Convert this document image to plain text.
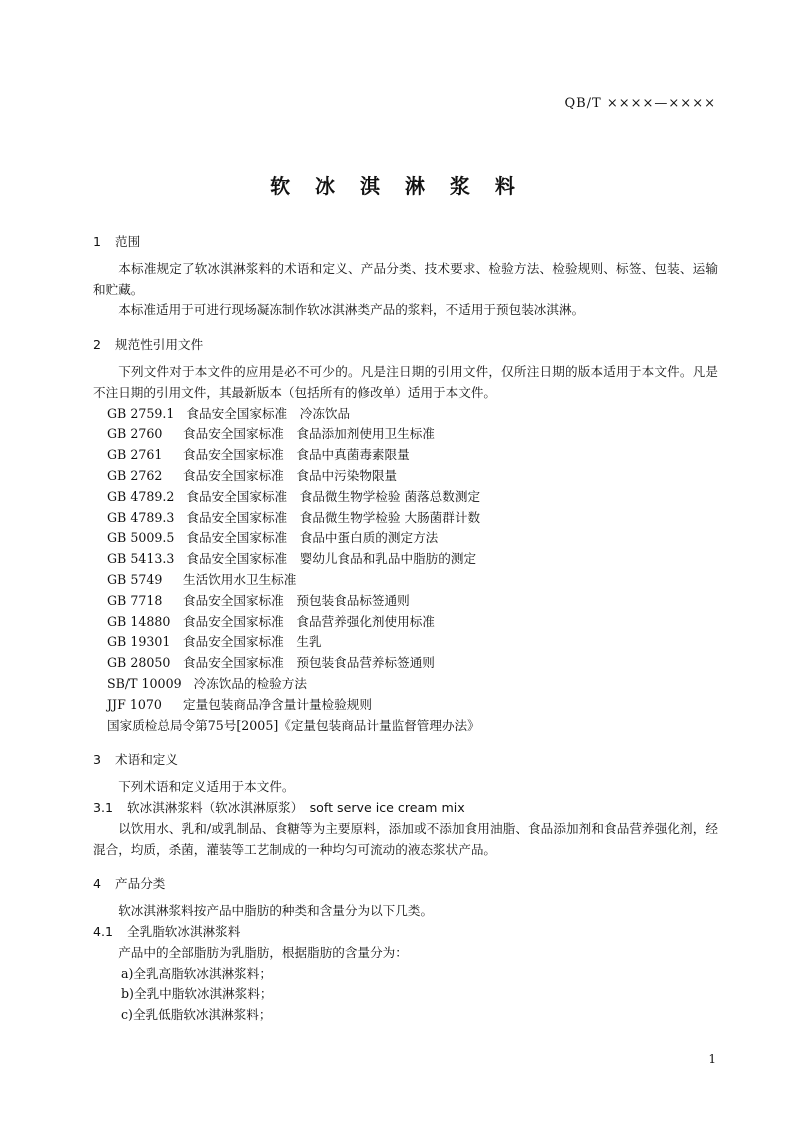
QB/T ××××—××××
软 冰 淇 淋 浆 料
1 范围

本标准规定了软冰淇淋浆料的术语和定义、产品分类、技术要求、检验方法、检验规则、标签、包装、运输和贮藏。

本标准适用于可进行现场凝冻制作软冰淇淋类产品的浆料，不适用于预包装冰淇淋。

2 规范性引用文件

下列文件对于本文件的应用是必不可少的。凡是注日期的引用文件，仅所注日期的版本适用于本文件。凡是不注日期的引用文件，其最新版本（包括所有的修改单）适用于本文件。

GB 2759.1 食品安全国家标准　冷冻饮品

GB 2760 食品安全国家标准　食品添加剂使用卫生标准

GB 2761 食品安全国家标准　食品中真菌毒素限量

GB 2762 食品安全国家标准　食品中污染物限量

GB 4789.2 食品安全国家标准　食品微生物学检验 菌落总数测定

GB 4789.3 食品安全国家标准　食品微生物学检验 大肠菌群计数

GB 5009.5 食品安全国家标准　食品中蛋白质的测定方法

GB 5413.3 食品安全国家标准　婴幼儿食品和乳品中脂肪的测定

GB 5749 生活饮用水卫生标准

GB 7718 食品安全国家标准　预包装食品标签通则

GB 14880 食品安全国家标准　食品营养强化剂使用标准

GB 19301 食品安全国家标准　生乳

GB 28050 食品安全国家标准　预包装食品营养标签通则

SB/T 10009 冷冻饮品的检验方法

JJF 1070 定量包装商品净含量计量检验规则

国家质检总局令第75号[2005]《定量包装商品计量监督管理办法》

3 术语和定义

下列术语和定义适用于本文件。

3.1 软冰淇淋浆料（软冰淇淋原浆）　soft serve ice cream mix

以饮用水、乳和/或乳制品、食糖等为主要原料，添加或不添加食用油脂、食品添加剂和食品营养强化剂，经混合，均质，杀菌，灌装等工艺制成的一种均匀可流动的液态浆状产品。

4 产品分类

软冰淇淋浆料按产品中脂肪的种类和含量分为以下几类。

4.1 全乳脂软冰淇淋浆料

产品中的全部脂肪为乳脂肪，根据脂肪的含量分为：

a)全乳高脂软冰淇淋浆料；

b)全乳中脂软冰淇淋浆料；

c)全乳低脂软冰淇淋浆料；

1
